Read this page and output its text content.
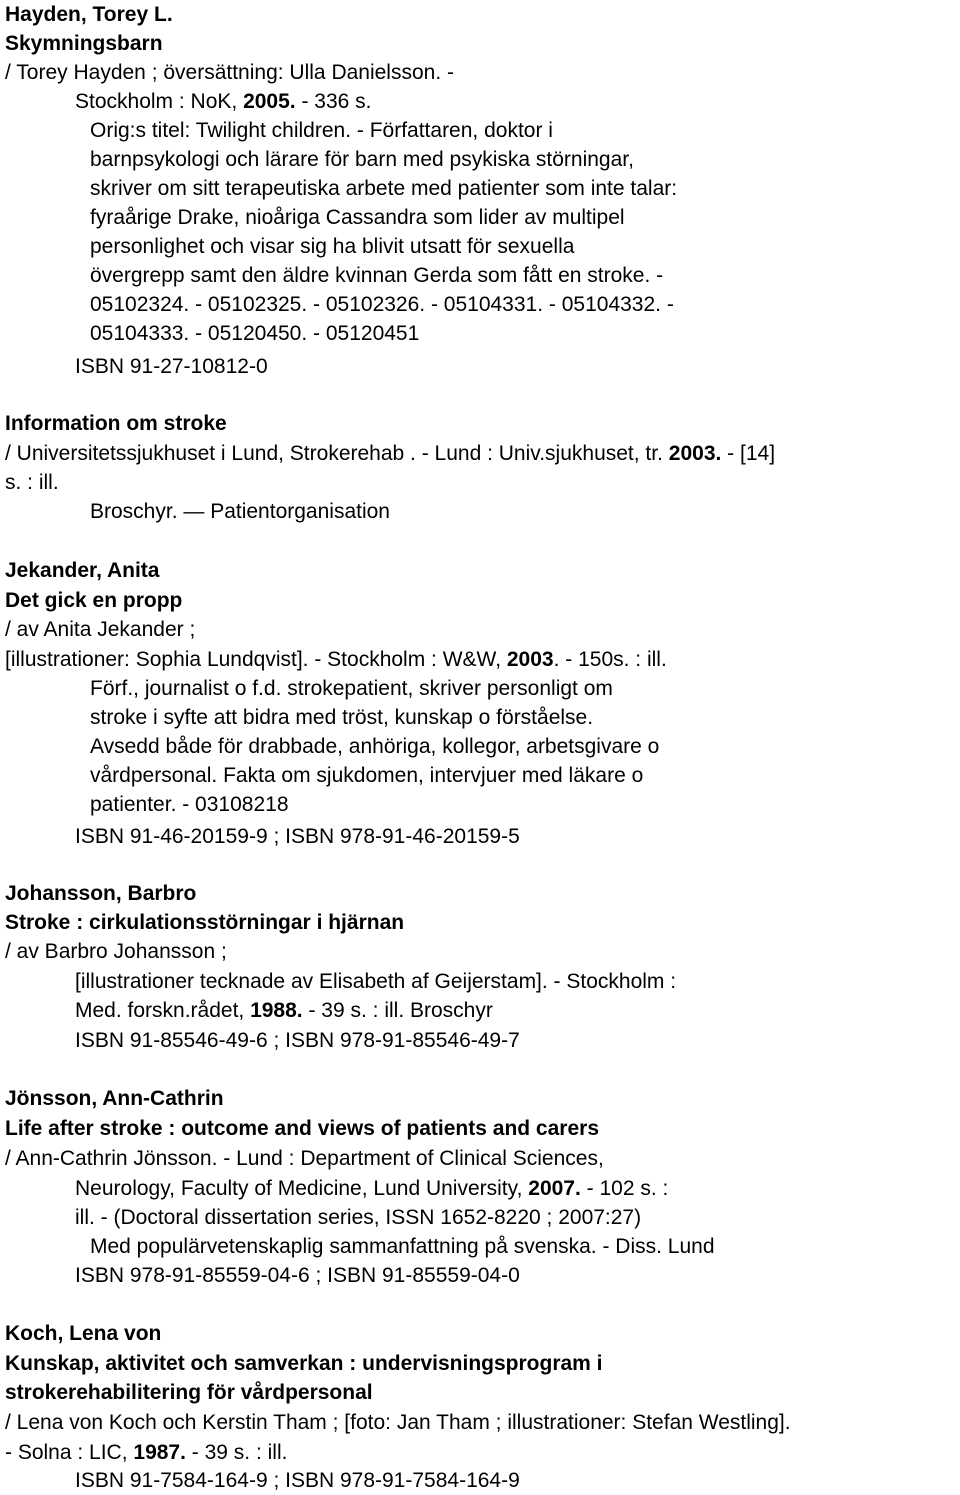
Hayden, Torey L.
Skymningsbarn
/ Torey Hayden ; översättning: Ulla Danielsson. -
Stockholm : NoK, 2005. - 336 s.
Orig:s titel: Twilight children. - Författaren, doktor i
barnpsykologi och lärare för barn med psykiska störningar,
skriver om sitt terapeutiska arbete med patienter som inte talar:
fyraårige Drake, nioåriga Cassandra som lider av multipel
personlighet och visar sig ha blivit utsatt för sexuella
övergrepp samt den äldre kvinnan Gerda som fått en stroke. -
05102324. - 05102325. - 05102326. - 05104331. - 05104332. -
05104333. - 05120450. - 05120451
ISBN 91-27-10812-0
Information om stroke
/ Universitetssjukhuset i Lund, Strokerehab . - Lund : Univ.sjukhuset, tr. 2003. - [14]
s. : ill.
Broschyr. — Patientorganisation
Jekander, Anita
Det gick en propp
/ av Anita Jekander ;
[illustrationer: Sophia Lundqvist]. - Stockholm : W&W, 2003. - 150s. : ill.
Förf., journalist o f.d. strokepatient, skriver personligt om
stroke i syfte att bidra med tröst, kunskap o förståelse.
Avsedd både för drabbade, anhöriga, kollegor, arbetsgivare o
vårdpersonal. Fakta om sjukdomen, intervjuer med läkare o
patienter. - 03108218
ISBN 91-46-20159-9 ; ISBN 978-91-46-20159-5
Johansson, Barbro
Stroke : cirkulationsstörningar i hjärnan
/ av Barbro Johansson ;
[illustrationer tecknade av Elisabeth af Geijerstam]. - Stockholm :
Med. forskn.rådet, 1988. - 39 s. : ill. Broschyr
ISBN 91-85546-49-6 ; ISBN 978-91-85546-49-7
Jönsson, Ann-Cathrin
Life after stroke : outcome and views of patients and carers
/ Ann-Cathrin Jönsson. - Lund : Department of Clinical Sciences,
Neurology, Faculty of Medicine, Lund University, 2007. - 102 s. :
ill. - (Doctoral dissertation series, ISSN 1652-8220 ; 2007:27)
Med populärvetenskaplig sammanfattning på svenska. - Diss. Lund
ISBN 978-91-85559-04-6 ; ISBN 91-85559-04-0
Koch, Lena von
Kunskap, aktivitet och samverkan : undervisningsprogram i
strokerehabilitering för vårdpersonal
/ Lena von Koch och Kerstin Tham ; [foto: Jan Tham ; illustrationer: Stefan Westling].
- Solna : LIC, 1987. - 39 s. : ill.
ISBN 91-7584-164-9 ; ISBN 978-91-7584-164-9
